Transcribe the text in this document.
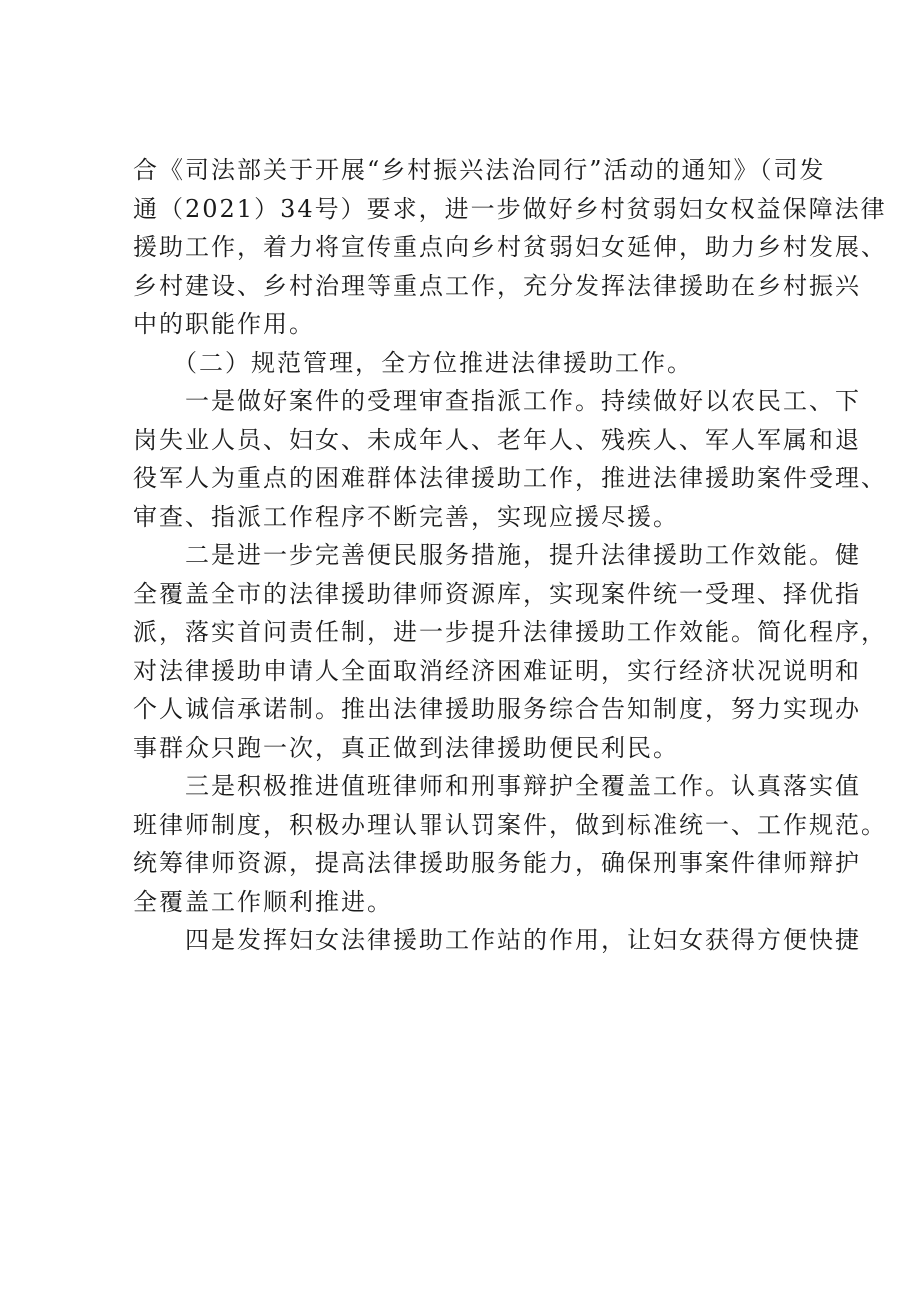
合《司法部关于开展“乡村振兴法治同行”活动的通知》（司发
通（2021）34号）要求，进一步做好乡村贫弱妇女权益保障法律
援助工作，着力将宣传重点向乡村贫弱妇女延伸，助力乡村发展、
乡村建设、乡村治理等重点工作，充分发挥法律援助在乡村振兴
中的职能作用。
（二）规范管理，全方位推进法律援助工作。
一是做好案件的受理审查指派工作。持续做好以农民工、下
岗失业人员、妇女、未成年人、老年人、残疾人、军人军属和退
役军人为重点的困难群体法律援助工作，推进法律援助案件受理、
审查、指派工作程序不断完善，实现应援尽援。
二是进一步完善便民服务措施，提升法律援助工作效能。健
全覆盖全市的法律援助律师资源库，实现案件统一受理、择优指
派，落实首问责任制，进一步提升法律援助工作效能。简化程序，
对法律援助申请人全面取消经济困难证明，实行经济状况说明和
个人诚信承诺制。推出法律援助服务综合告知制度，努力实现办
事群众只跑一次，真正做到法律援助便民利民。
三是积极推进值班律师和刑事辩护全覆盖工作。认真落实值
班律师制度，积极办理认罪认罚案件，做到标准统一、工作规范。
统筹律师资源，提高法律援助服务能力，确保刑事案件律师辩护
全覆盖工作顺利推进。
四是发挥妇女法律援助工作站的作用，让妇女获得方便快捷
